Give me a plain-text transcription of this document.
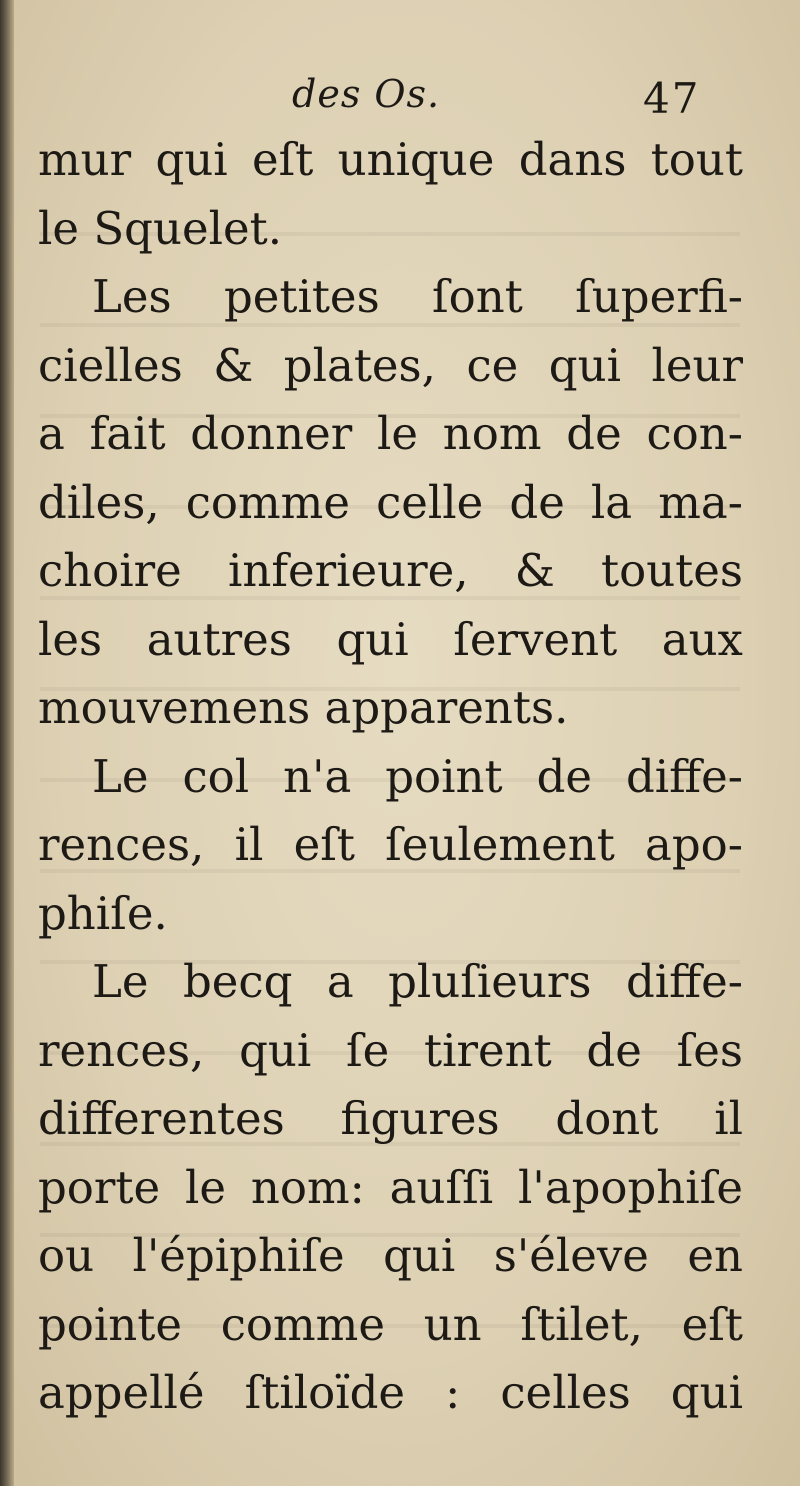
des Os.	47
mur qui eſt unique dans tout
le Squelet.
Les petites ſont ſuperfi-
cielles & plates, ce qui leur
a fait donner le nom de con-
diles, comme celle de la ma-
choire inferieure, & toutes
les autres qui ſervent aux
mouvemens apparents.
Le col n'a point de diffe-
rences, il eſt ſeulement apo-
phiſe.
Le becq a pluſieurs diffe-
rences, qui ſe tirent de ſes
differentes figures dont il
porte le nom: auſſi l'apophiſe
ou l'épiphiſe qui s'éleve en
pointe comme un ſtilet, eſt
appellé ſtiloïde : celles qui
